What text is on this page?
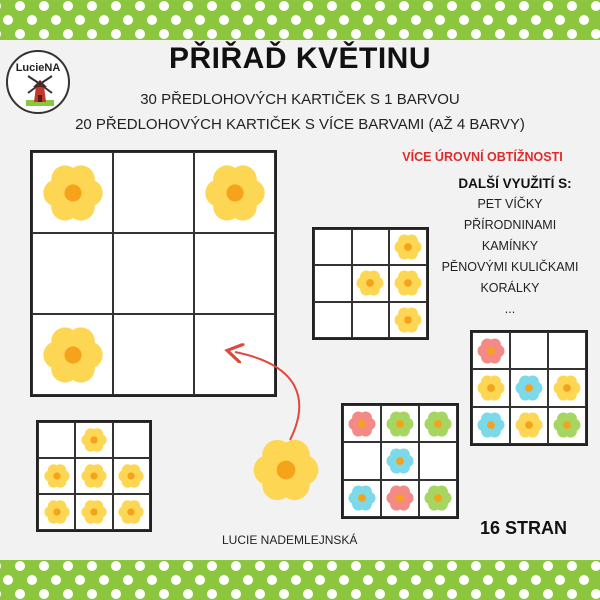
LucieNA	PŘIŘAĎ KVĚTINU
30 PŘEDLOHOVÝCH KARTIČEK S 1 BARVOU
20 PŘEDLOHOVÝCH KARTIČEK S VÍCE BARVAMI (AŽ 4 BARVY)
VÍCE ÚROVNÍ OBTÍŽNOSTI
DALŠÍ VYUŽITÍ S:
PET VÍČKY
PŘÍRODNINAMI
KAMÍNKY
PĚNOVÝMI KULIČKAMI
KORÁLKY
...
LUCIE NADEMLEJNSKÁ
16 STRAN
